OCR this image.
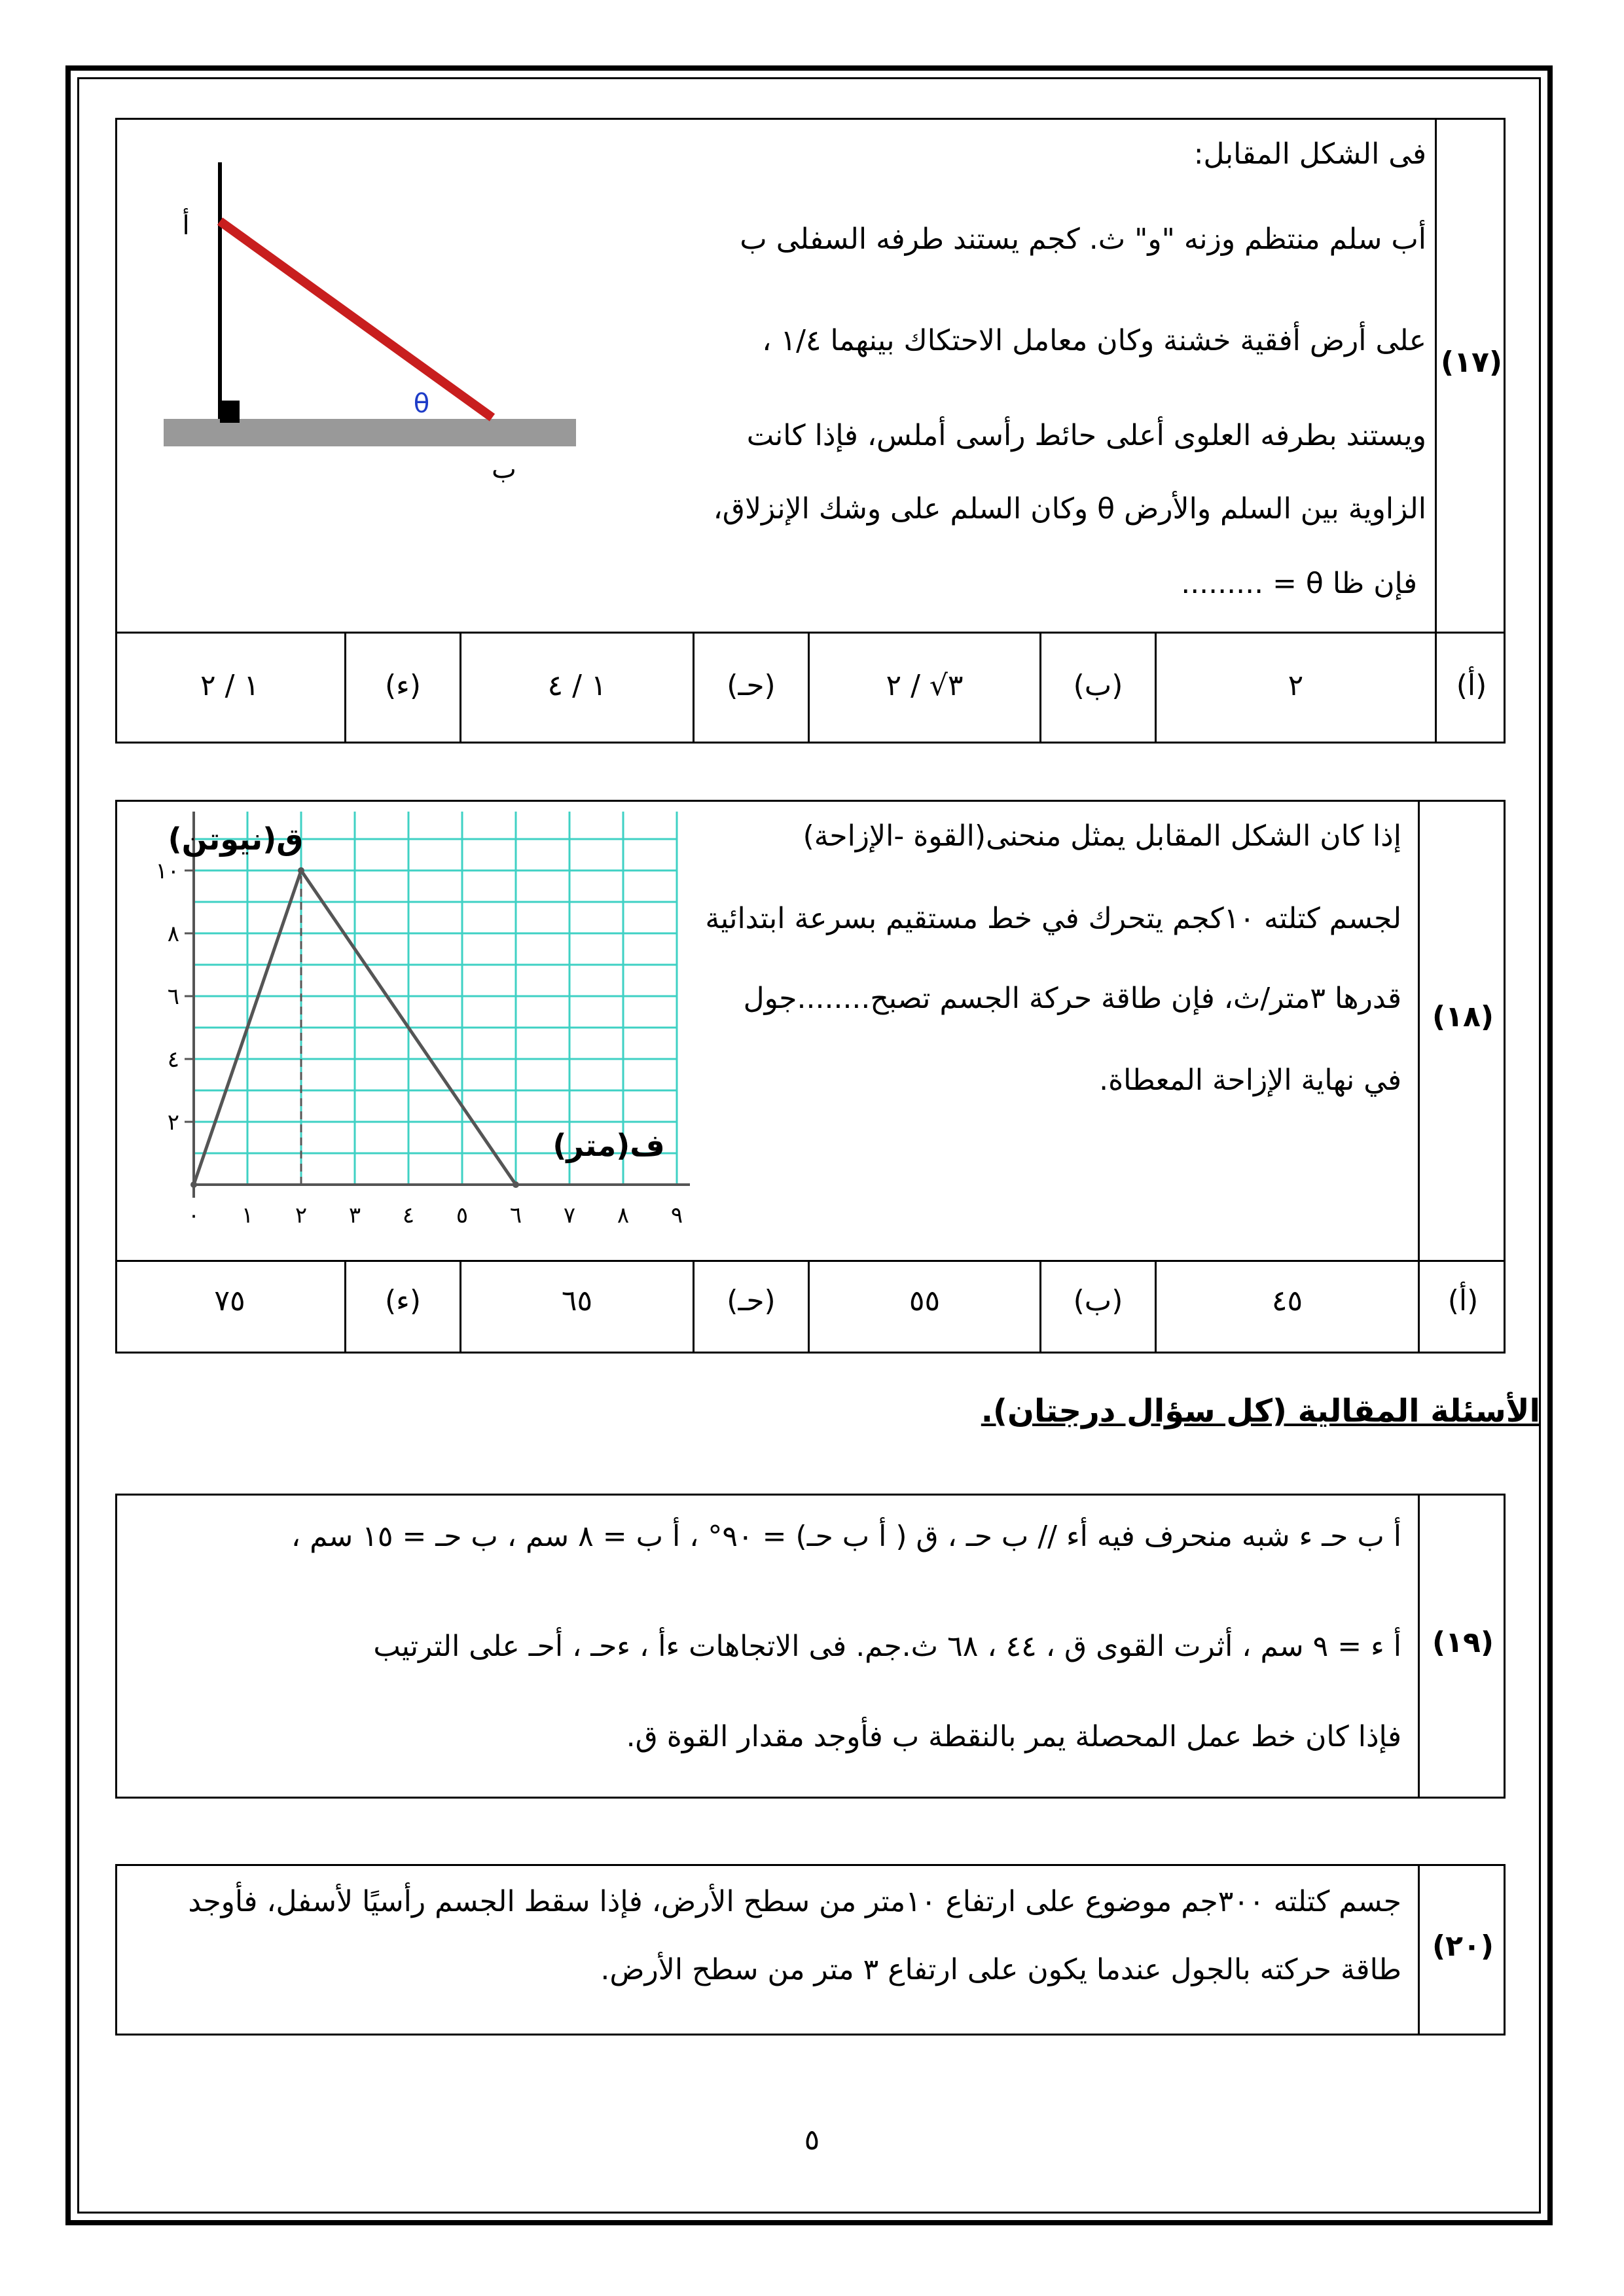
(١٧)
فى الشكل المقابل:
أب سلم منتظم وزنه "و" ث. كجم يستند طرفه السفلى ب
على أرض أفقية خشنة وكان معامل الاحتكاك بينهما ١/٤ ،
ويستند بطرفه العلوى أعلى حائط رأسى أملس، فإذا كانت
الزاوية بين السلم والأرض θ وكان السلم على وشك الإنزلاق،
فإن ظا θ = .........
أ
ب
θ
(أ)
٢
(ب)
٣√ / ٢
(حـ)
١ / ٤
(ء)
١ / ٢
(١٨)
إذا كان الشكل المقابل يمثل منحنى(القوة -الإزاحة)
لجسم كتلته ١٠كجم يتحرك في خط مستقيم بسرعة ابتدائية
قدرها ٣متر/ث، فإن طاقة حركة الجسم تصبح........جول
في نهاية الإزاحة المعطاة.
٠ ١ ٢ ٣ ٤ ٥ ٦ ٧ ٨ ٩
٢
٤
٦
٨
١٠
ق(نيوتن)
ف(متر)
(أ)
٤٥
(ب)
٥٥
(حـ)
٦٥
(ء)
٧٥
الأسئلة المقالية (كل سؤال درجتان).
(١٩)
أ ب حـ ء شبه منحرف فيه أء // ب حـ ، ق ( أ ب حـ) = ٩٠° ، أ ب = ٨ سم ، ب حـ = ١٥ سم ،
أ ء = ٩ سم ، أثرت القوى ق ، ٤٤ ، ٦٨ ث.جم. فى الاتجاهات ءأ ، ءحـ ، أحـ على الترتيب
فإذا كان خط عمل المحصلة يمر بالنقطة ب فأوجد مقدار القوة ق.
(٢٠)
جسم كتلته ٣٠٠جم موضوع على ارتفاع ١٠متر من سطح الأرض، فإذا سقط الجسم رأسيًا لأسفل، فأوجد
طاقة حركته بالجول عندما يكون على ارتفاع ٣ متر من سطح الأرض.
٥
